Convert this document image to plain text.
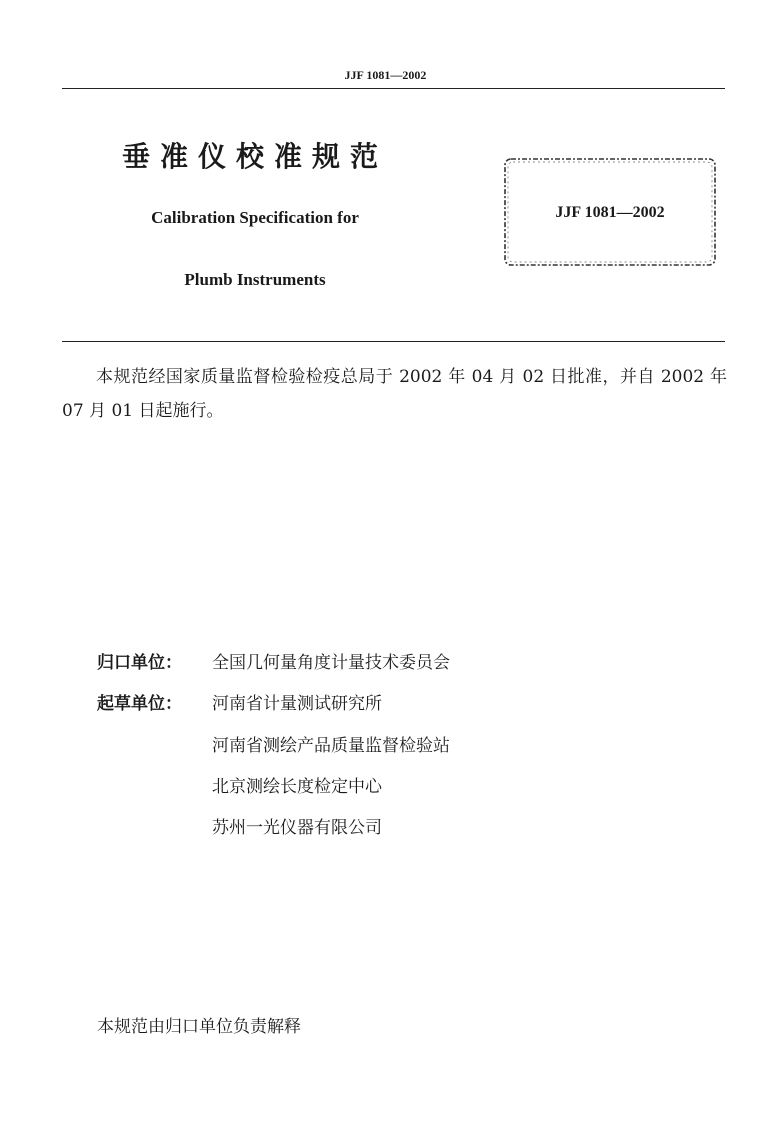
JJF 1081—2002
垂准仪校准规范
Calibration Specification for
Plumb Instruments
JJF 1081—2002
本规范经国家质量监督检验检疫总局于 2002 年 04 月 02 日批准，并自 2002 年 07 月 01 日起施行。
归口单位： 全国几何量角度计量技术委员会
起草单位： 河南省计量测试研究所
河南省测绘产品质量监督检验站
北京测绘长度检定中心
苏州一光仪器有限公司
本规范由归口单位负责解释
